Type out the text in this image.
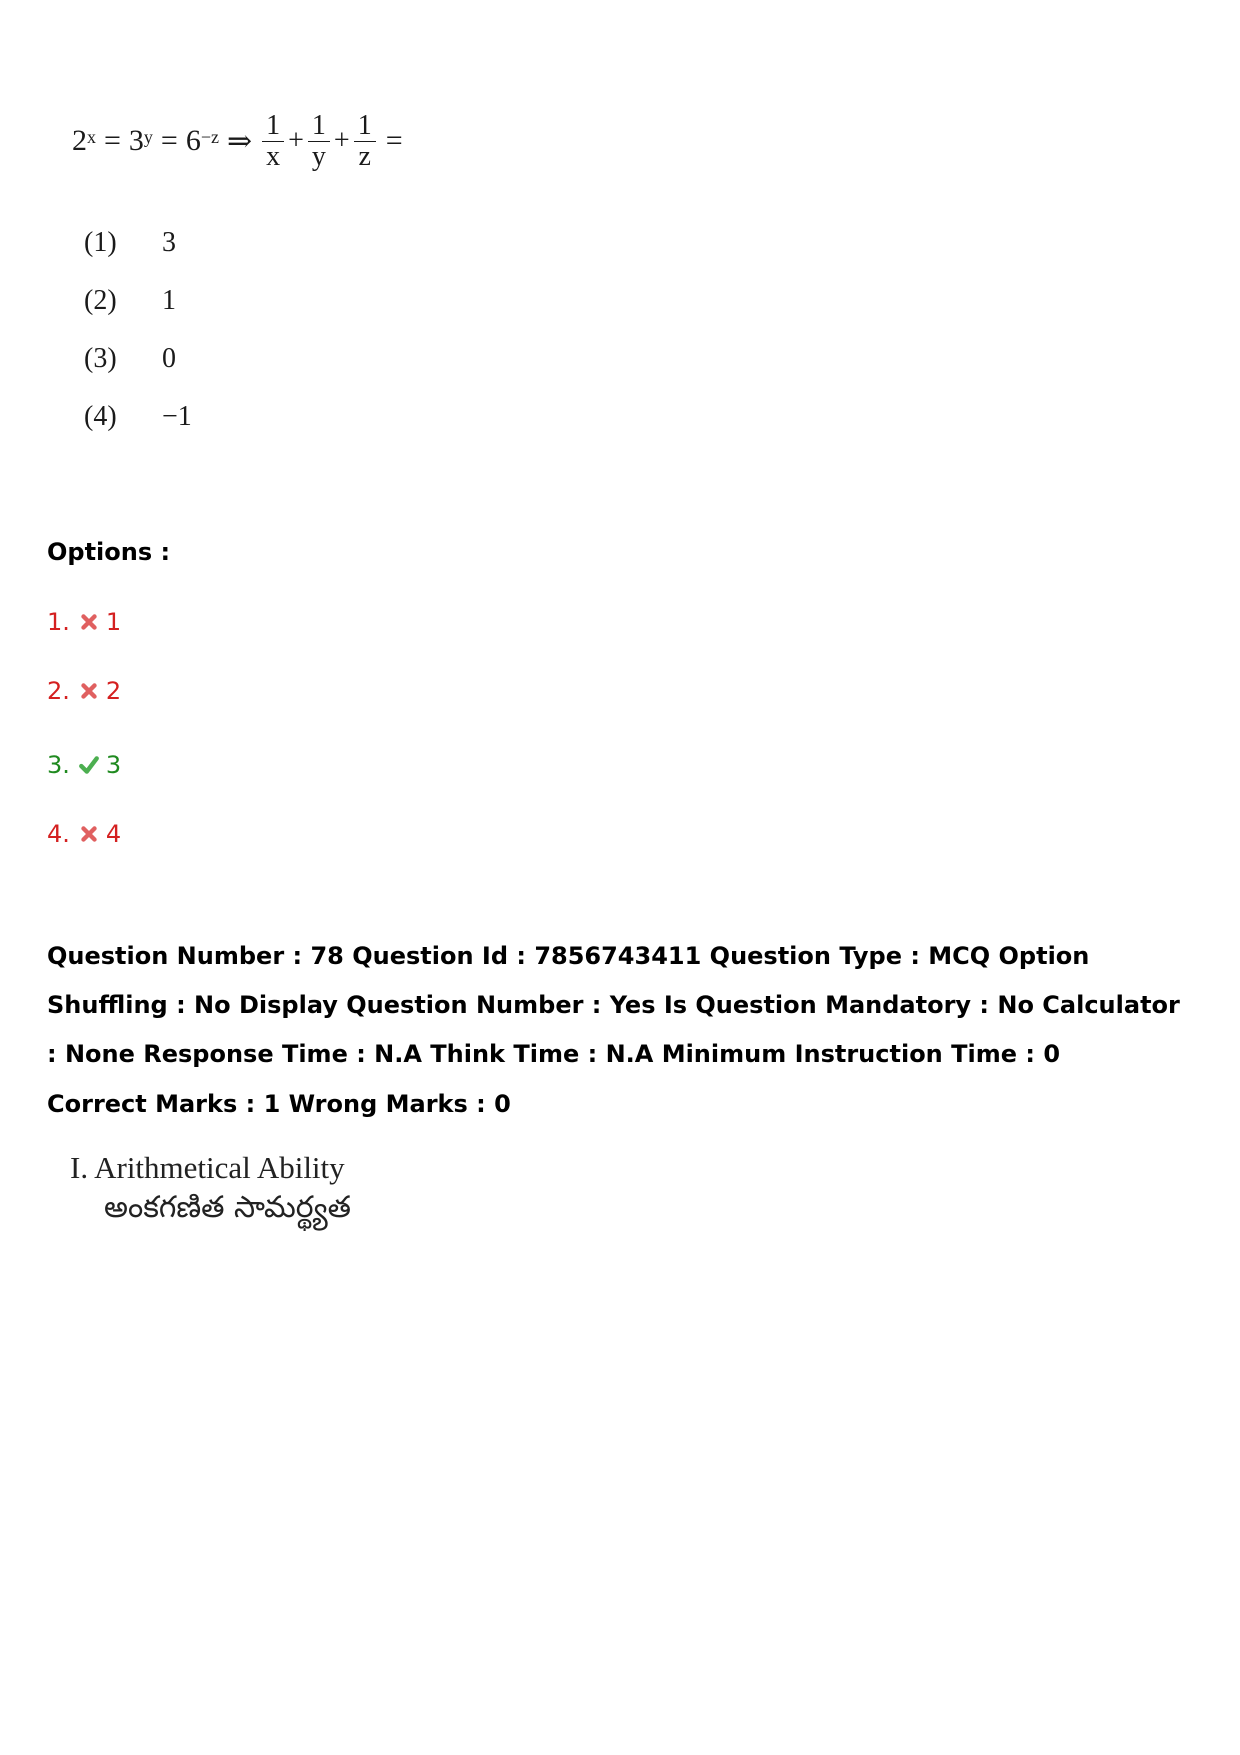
$2^x = 3^y = 6^{-z}$ ⇒ $\frac{1}{x} + \frac{1}{y} + \frac{1}{z}$ =
(1)	3
(2)	1
(3)	0
(4)	−1
Options :
1. 1
2. 2
3. 3
4. 4
Question Number : 78 Question Id : 7856743411 Question Type : MCQ Option Shuffling : No Display Question Number : Yes Is Question Mandatory : No Calculator : None Response Time : N.A Think Time : N.A Minimum Instruction Time : 0
Correct Marks : 1 Wrong Marks : 0
I. Arithmetical Ability
అంకగణిత సామర్థ్యత
